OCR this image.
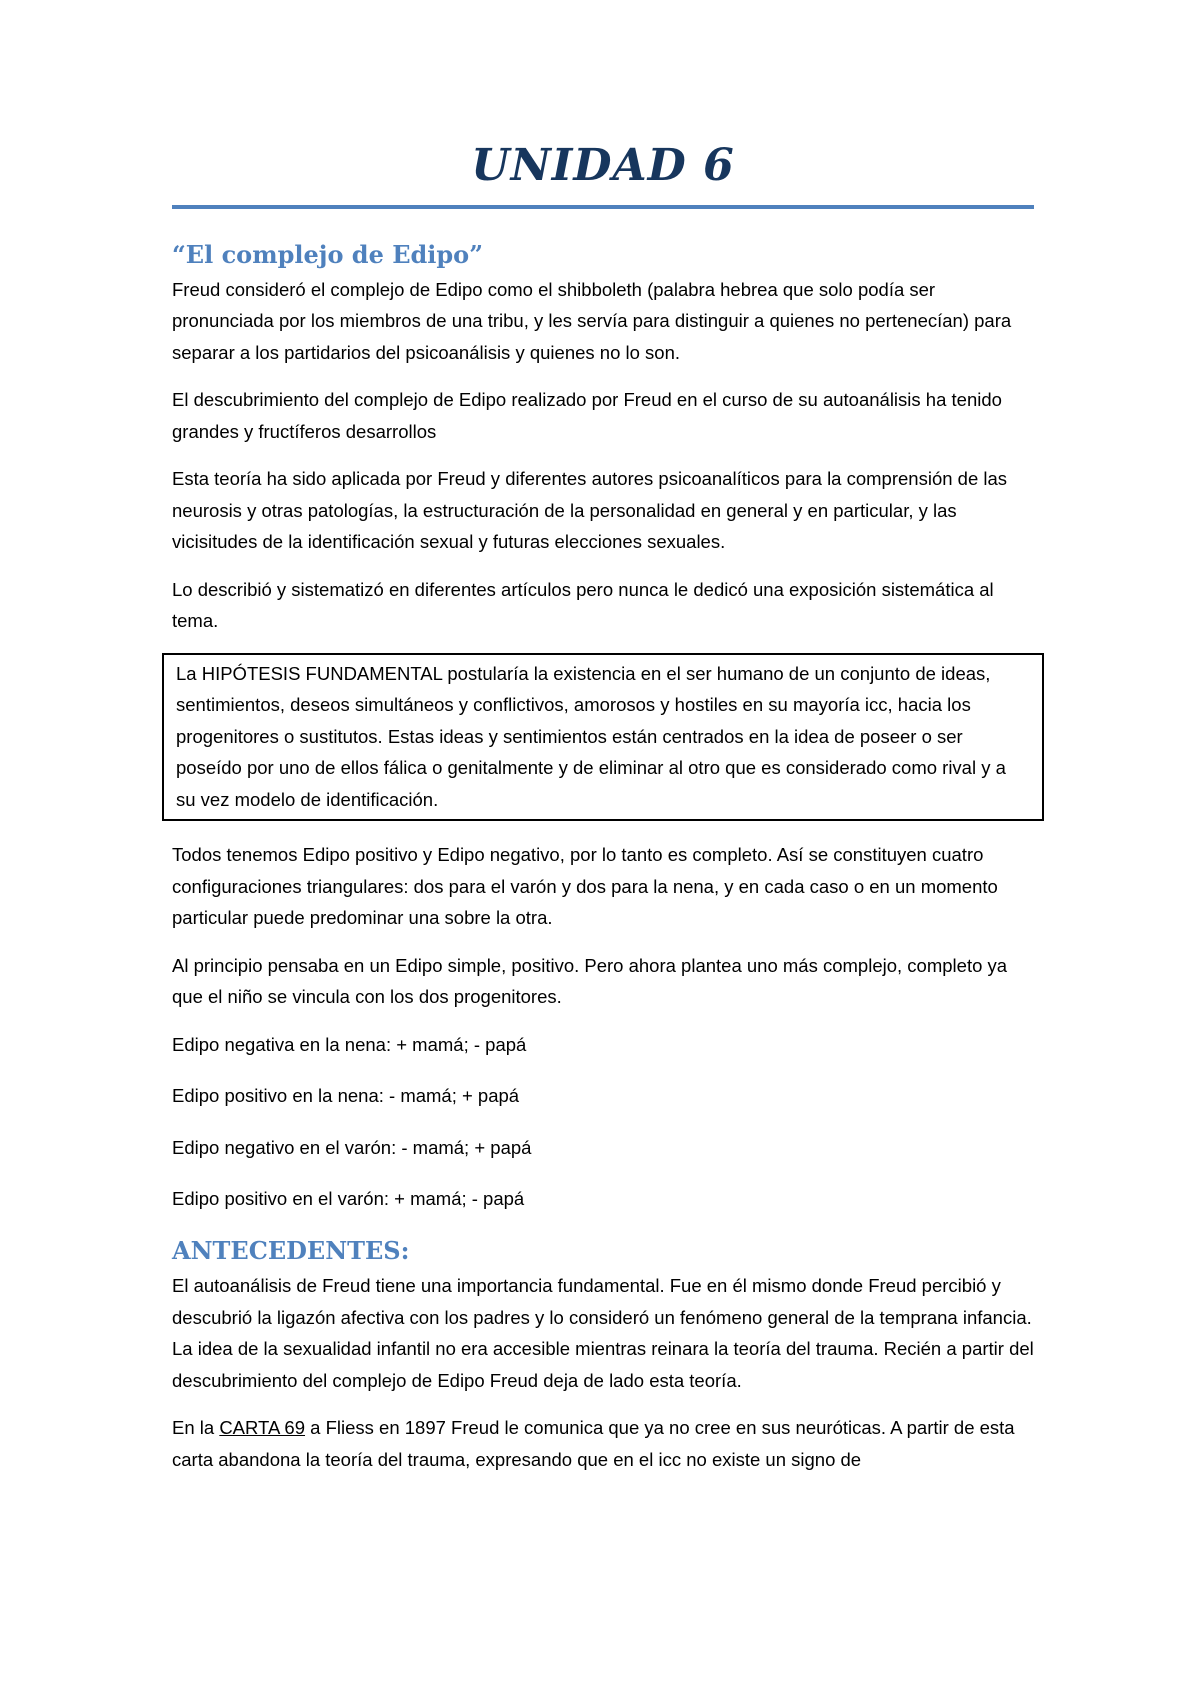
UNIDAD 6
“El complejo de Edipo”

Freud consideró el complejo de Edipo como el shibboleth (palabra hebrea que solo podía ser pronunciada por los miembros de una tribu, y les servía para distinguir a quienes no pertenecían) para separar a los partidarios del psicoanálisis y quienes no lo son.

El descubrimiento del complejo de Edipo realizado por Freud en el curso de su autoanálisis ha tenido grandes y fructíferos desarrollos

Esta teoría ha sido aplicada por Freud y diferentes autores psicoanalíticos para la comprensión de las neurosis y otras patologías, la estructuración de la personalidad en general y en particular, y las vicisitudes de la identificación sexual y futuras elecciones sexuales.

Lo describió y sistematizó en diferentes artículos pero nunca le dedicó una exposición sistemática al tema.

La HIPÓTESIS FUNDAMENTAL postularía la existencia en el ser humano de un conjunto de ideas, sentimientos, deseos simultáneos y conflictivos, amorosos y hostiles en su mayoría icc, hacia los progenitores o sustitutos. Estas ideas y sentimientos están centrados en la idea de poseer o ser poseído por uno de ellos fálica o genitalmente y de eliminar al otro que es considerado como rival y a su vez modelo de identificación.

Todos tenemos Edipo positivo y Edipo negativo, por lo tanto es completo. Así se constituyen cuatro configuraciones triangulares: dos para el varón y dos para la nena, y en cada caso o en un momento particular puede predominar una sobre la otra.

Al principio pensaba en un Edipo simple, positivo. Pero ahora plantea uno más complejo, completo ya que el niño se vincula con los dos progenitores.

Edipo negativa en la nena: + mamá; - papá

Edipo positivo en la nena: - mamá; + papá

Edipo negativo en el varón: - mamá; + papá

Edipo positivo en el varón: + mamá; - papá

ANTECEDENTES:

El autoanálisis de Freud tiene una importancia fundamental. Fue en él mismo donde Freud percibió y descubrió la ligazón afectiva con los padres y lo consideró un fenómeno general de la temprana infancia. La idea de la sexualidad infantil no era accesible mientras reinara la teoría del trauma. Recién a partir del descubrimiento del complejo de Edipo Freud deja de lado esta teoría.

En la CARTA 69 a Fliess en 1897 Freud le comunica que ya no cree en sus neuróticas. A partir de esta carta abandona la teoría del trauma, expresando que en el icc no existe un signo de
